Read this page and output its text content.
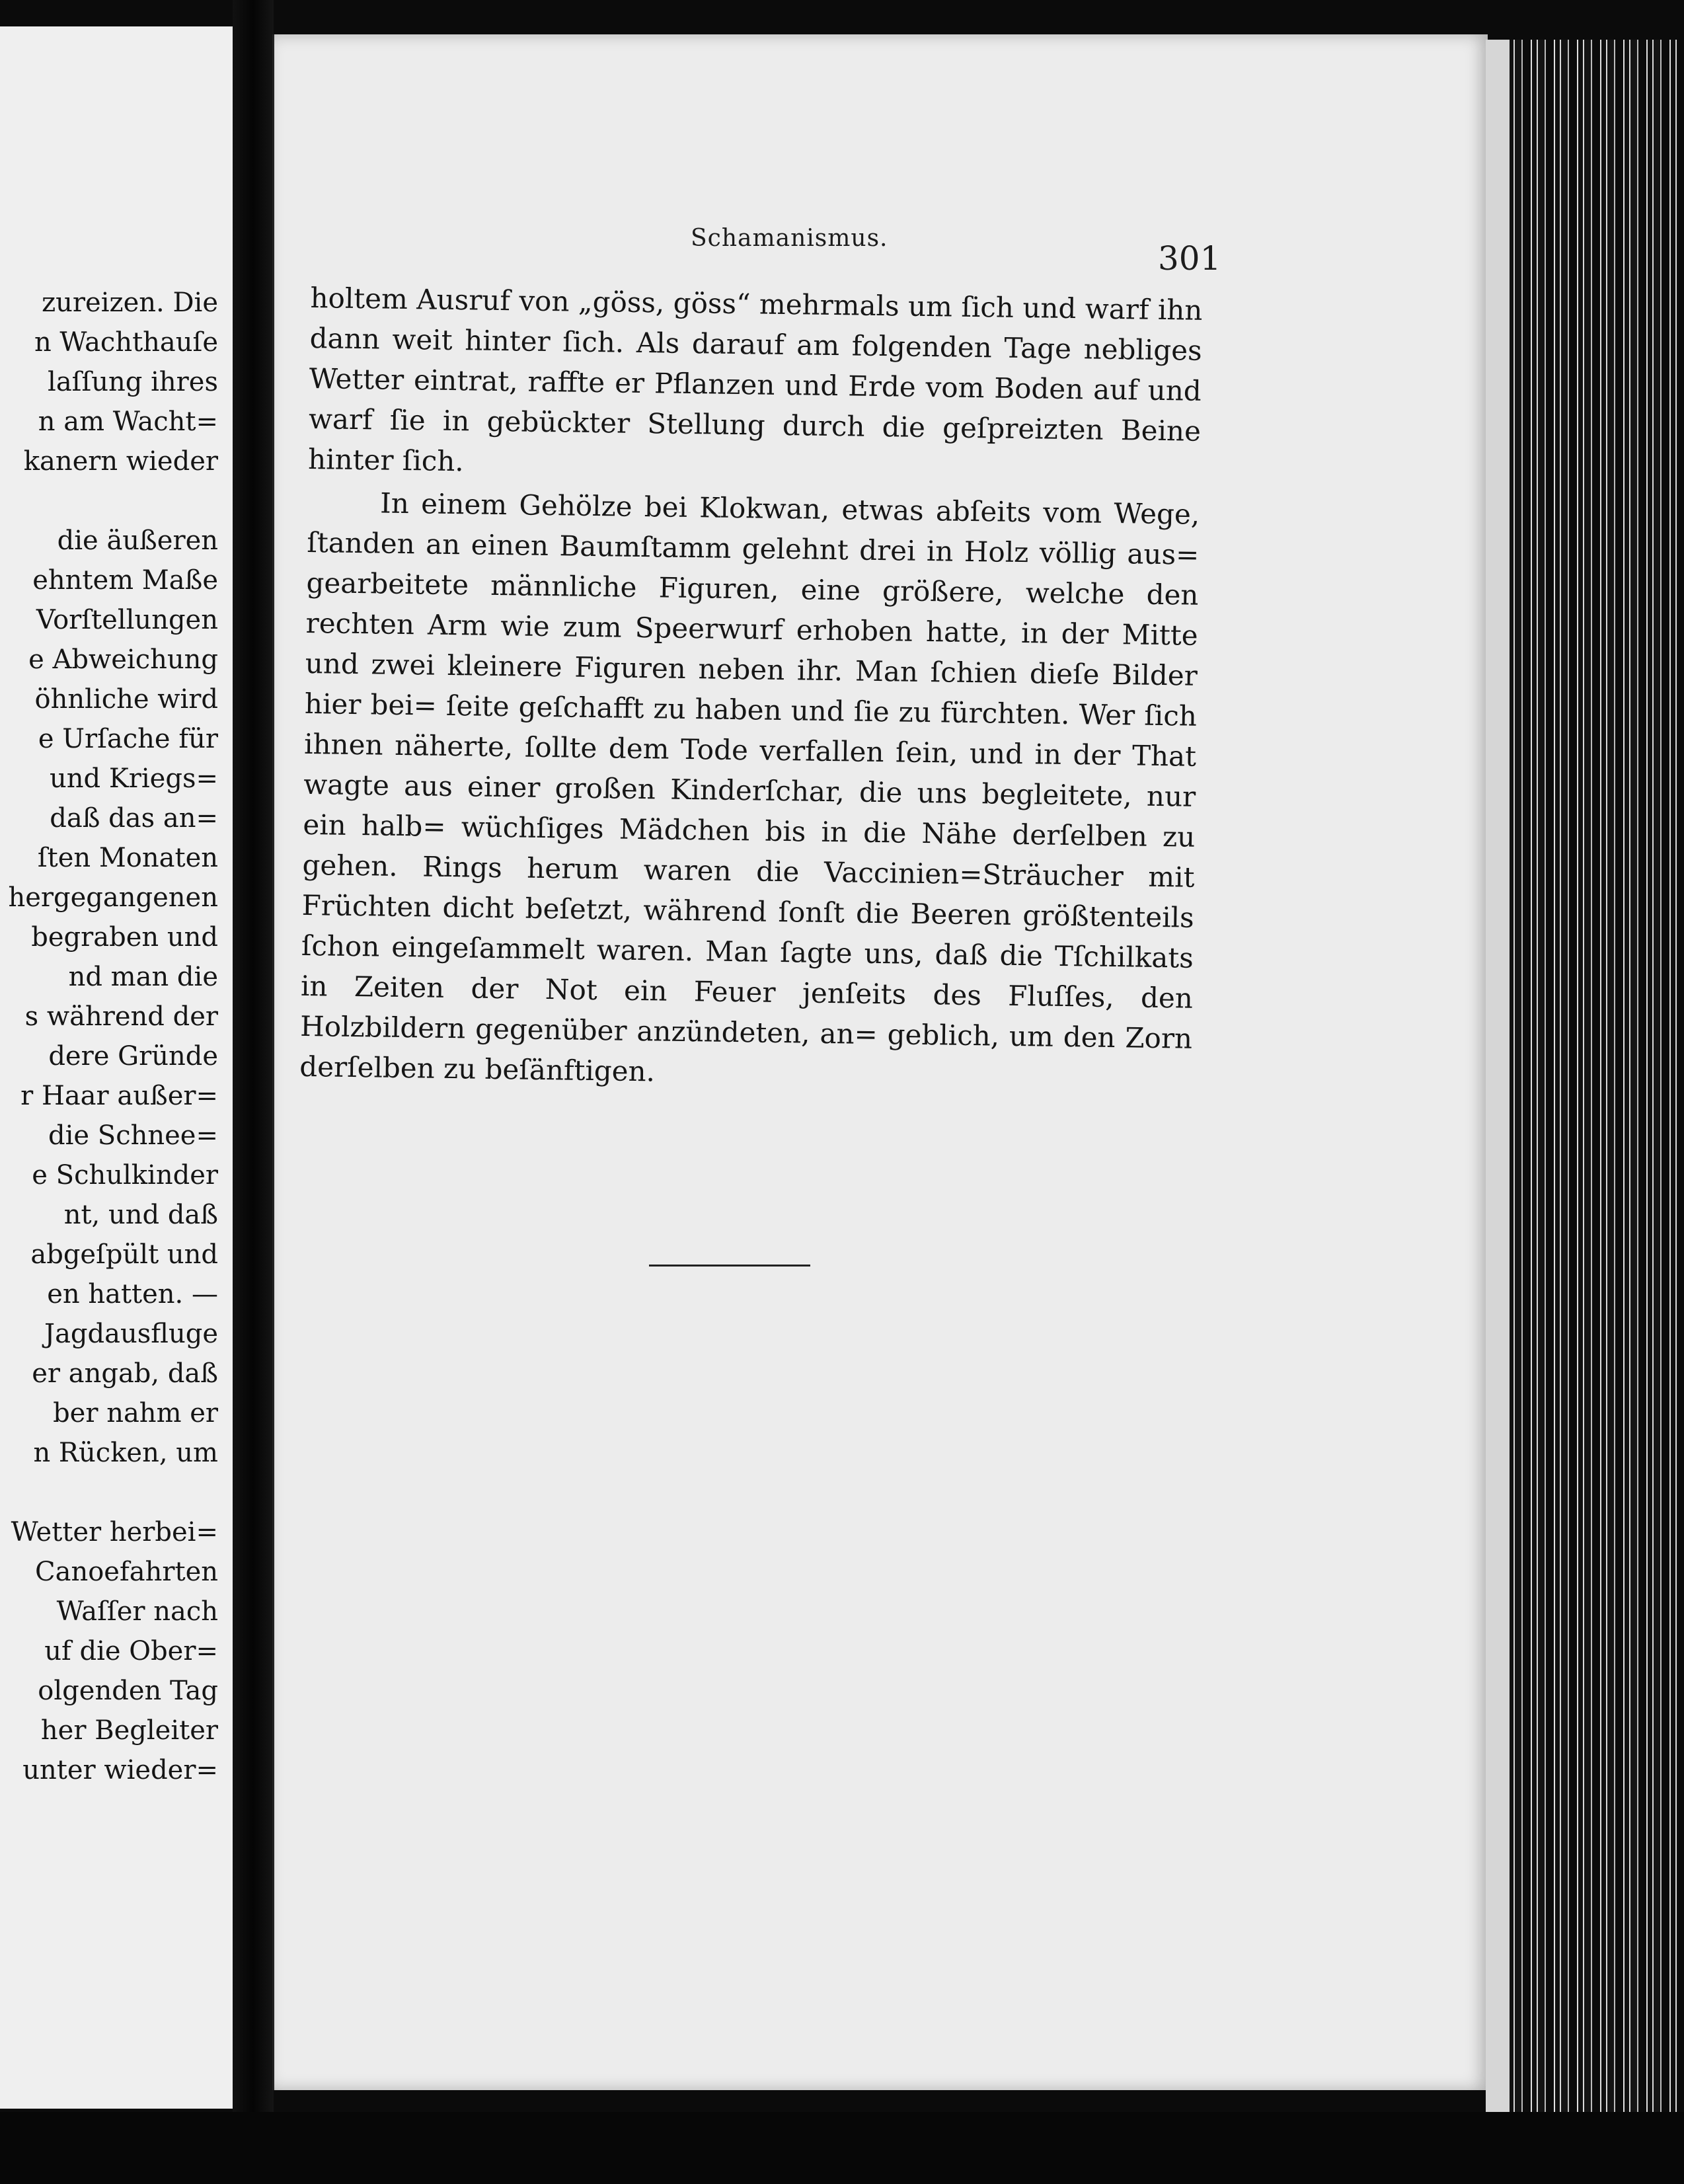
zureizen. Die
n Wachthauſe
laſſung ihres
n am Wacht=
kanern wieder
die äußeren
ehntem Maße
Vorſtellungen
e Abweichung
öhnliche wird
e Urſache für
und Kriegs=
daß das an=
ſten Monaten
hergegangenen
begraben und
nd man die
s während der
dere Gründe
r Haar außer=
die Schnee=
e Schulkinder
nt, und daß
abgeſpült und
en hatten. —
Jagdausfluge
er angab, daß
ber nahm er
n Rücken, um
Wetter herbei=
Canoefahrten
Waſſer nach
uf die Ober=
olgenden Tag
her Begleiter
unter wieder=
Schamanismus.
301

holtem Ausruf von „göss, göss“ mehrmals um ſich und warf ihn dann weit hinter ſich. Als darauf am folgenden Tage nebliges Wetter eintrat, raffte er Pflanzen und Erde vom Boden auf und warf ſie in gebückter Stellung durch die geſpreizten Beine hinter ſich.

In einem Gehölze bei Klokwan, etwas abſeits vom Wege, ſtanden an einen Baumſtamm gelehnt drei in Holz völlig aus= gearbeitete männliche Figuren, eine größere, welche den rechten Arm wie zum Speerwurf erhoben hatte, in der Mitte und zwei kleinere Figuren neben ihr. Man ſchien dieſe Bilder hier bei= ſeite geſchafft zu haben und ſie zu fürchten. Wer ſich ihnen näherte, ſollte dem Tode verfallen ſein, und in der That wagte aus einer großen Kinderſchar, die uns begleitete, nur ein halb= wüchſiges Mädchen bis in die Nähe derſelben zu gehen. Rings herum waren die Vaccinien=Sträucher mit Früchten dicht beſetzt, während ſonſt die Beeren größtenteils ſchon eingeſammelt waren. Man ſagte uns, daß die Tſchilkats in Zeiten der Not ein Feuer jenſeits des Fluſſes, den Holzbildern gegenüber anzündeten, an= geblich, um den Zorn derſelben zu beſänftigen.
